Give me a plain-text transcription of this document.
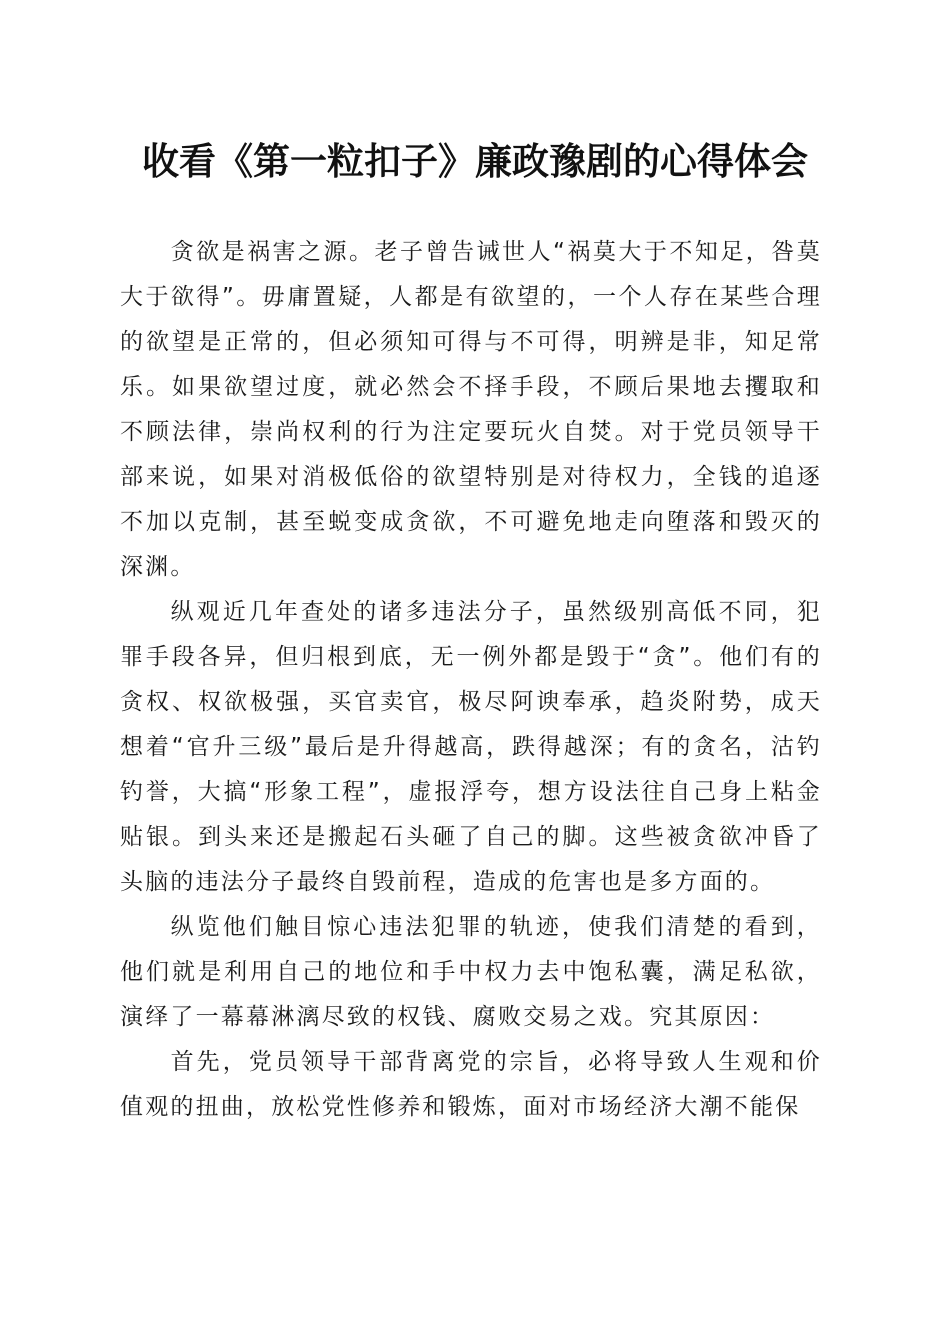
收看《第一粒扣子》廉政豫剧的心得体会

贪欲是祸害之源。老子曾告诫世人“祸莫大于不知足，咎莫大于欲得”。毋庸置疑，人都是有欲望的，一个人存在某些合理的欲望是正常的，但必须知可得与不可得，明辨是非，知足常乐。如果欲望过度，就必然会不择手段，不顾后果地去攫取和不顾法律，崇尚权利的行为注定要玩火自焚。对于党员领导干部来说，如果对消极低俗的欲望特别是对待权力，全钱的追逐不加以克制，甚至蜕变成贪欲，不可避免地走向堕落和毁灭的深渊。

纵观近几年查处的诸多违法分子，虽然级别高低不同，犯罪手段各异，但归根到底，无一例外都是毁于“贪”。他们有的贪权、权欲极强，买官卖官，极尽阿谀奉承，趋炎附势，成天想着“官升三级”最后是升得越高，跌得越深；有的贪名，沽钓钓誉，大搞“形象工程”，虚报浮夸，想方设法往自己身上粘金贴银。到头来还是搬起石头砸了自己的脚。这些被贪欲冲昏了头脑的违法分子最终自毁前程，造成的危害也是多方面的。

纵览他们触目惊心违法犯罪的轨迹，使我们清楚的看到，他们就是利用自己的地位和手中权力去中饱私囊，满足私欲，演绎了一幕幕淋漓尽致的权钱、腐败交易之戏。究其原因：

首先，党员领导干部背离党的宗旨，必将导致人生观和价值观的扭曲，放松党性修养和锻炼，面对市场经济大潮不能保
